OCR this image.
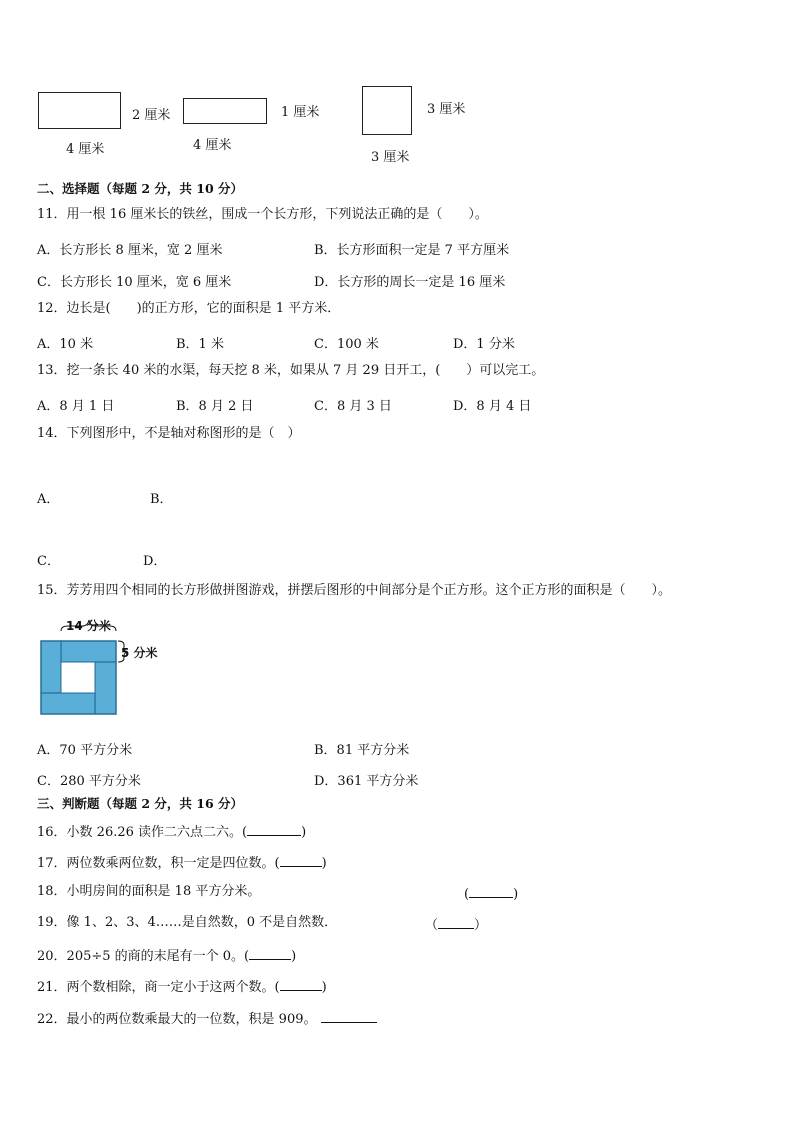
2 厘米
4 厘米
1 厘米
4 厘米
3 厘米
3 厘米
二、选择题（每题 2 分，共 10 分）
11．用一根 16 厘米长的铁丝，围成一个长方形，下列说法正确的是（　　）。
A．长方形长 8 厘米，宽 2 厘米	B．长方形面积一定是 7 平方厘米
C．长方形长 10 厘米，宽 6 厘米	D．长方形的周长一定是 16 厘米
12．边长是(　　)的正方形，它的面积是 1 平方米．
A．10 米	B．1 米	C．100 米	D．1 分米
13．挖一条长 40 米的水渠，每天挖 8 米，如果从 7 月 29 日开工，(　　）可以完工。
A．8 月 1 日	B．8 月 2 日	C．8 月 3 日	D．8 月 4 日
14．下列图形中，不是轴对称图形的是（　）
A．	B．
C．	D．
15．芳芳用四个相同的长方形做拼图游戏，拼摆后图形的中间部分是个正方形。这个正方形的面积是（　　）。
14 分米
5 分米
A．70 平方分米	B．81 平方分米
C．280 平方分米	D．361 平方分米
三、判断题（每题 2 分，共 16 分）
16．小数 26.26 读作二六点二六。(	)
17．两位数乘两位数，积一定是四位数。(	)
18．小明房间的面积是 18 平方分米。	(	)
19．像 1、2、3、4……是自然数，0 不是自然数．	（	）
20．205÷5 的商的末尾有一个 0。(	)
21．两个数相除，商一定小于这两个数。(	)
22．最小的两位数乘最大的一位数，积是 909。
